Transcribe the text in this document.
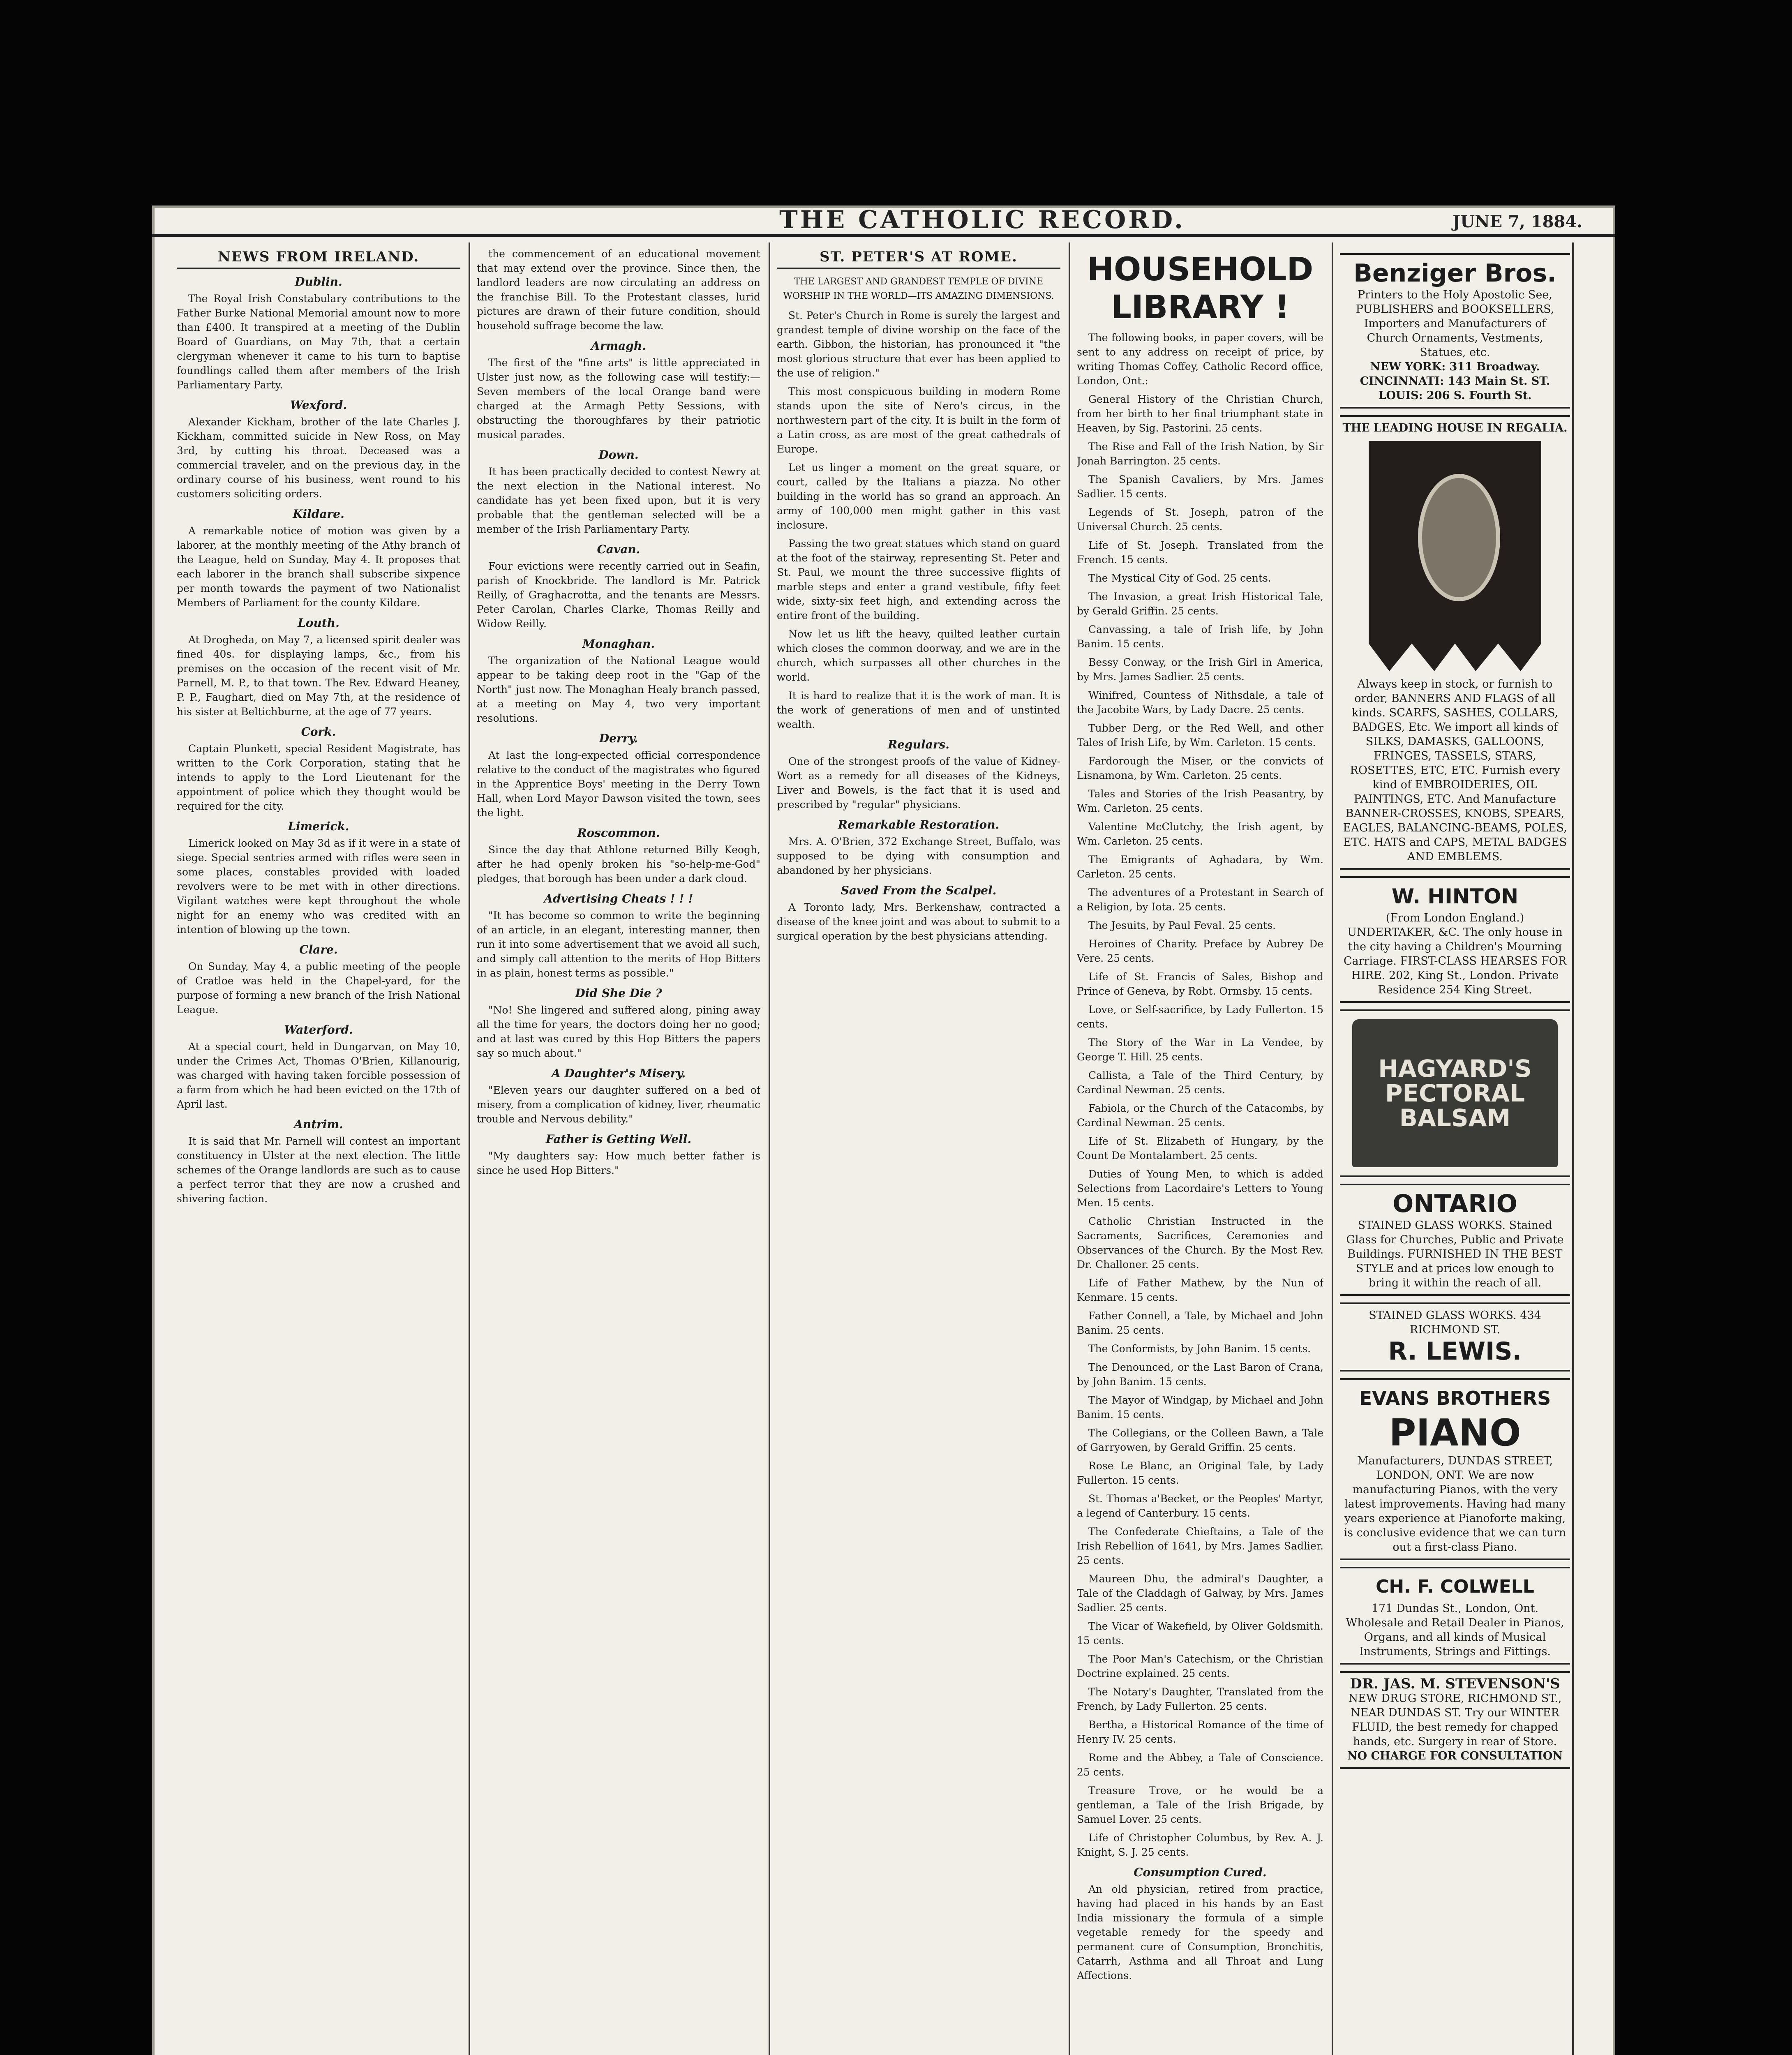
THE CATHOLIC RECORD.	JUNE 7, 1884.
NEWS FROM IRELAND.
Dublin.

The Royal Irish Constabulary contributions to the Father Burke National Memorial amount now to more than £400. It transpired at a meeting of the Dublin Board of Guardians, on May 7th, that a certain clergyman whenever it came to his turn to baptise foundlings called them after members of the Irish Parliamentary Party.

Wexford.

Alexander Kickham, brother of the late Charles J. Kickham, committed suicide in New Ross, on May 3rd, by cutting his throat. Deceased was a commercial traveler, and on the previous day, in the ordinary course of his business, went round to his customers soliciting orders.

Kildare.

A remarkable notice of motion was given by a laborer, at the monthly meeting of the Athy branch of the League, held on Sunday, May 4. It proposes that each laborer in the branch shall subscribe sixpence per month towards the payment of two Nationalist Members of Parliament for the county Kildare.

Louth.

At Drogheda, on May 7, a licensed spirit dealer was fined 40s. for displaying lamps, &c., from his premises on the occasion of the recent visit of Mr. Parnell, M. P., to that town. The Rev. Edward Heaney, P. P., Faughart, died on May 7th, at the residence of his sister at Beltichburne, at the age of 77 years.

Cork.

Captain Plunkett, special Resident Magistrate, has written to the Cork Corporation, stating that he intends to apply to the Lord Lieutenant for the appointment of police which they thought would be required for the city.

Limerick.

Limerick looked on May 3d as if it were in a state of siege. Special sentries armed with rifles were seen in some places, constables provided with loaded revolvers were to be met with in other directions. Vigilant watches were kept throughout the whole night for an enemy who was credited with an intention of blowing up the town.

Clare.

On Sunday, May 4, a public meeting of the people of Cratloe was held in the Chapel-yard, for the purpose of forming a new branch of the Irish National League.

Waterford.

At a special court, held in Dungarvan, on May 10, under the Crimes Act, Thomas O'Brien, Killanourig, was charged with having taken forcible possession of a farm from which he had been evicted on the 17th of April last.

Antrim.

It is said that Mr. Parnell will contest an important constituency in Ulster at the next election. The little schemes of the Orange landlords are such as to cause a perfect terror that they are now a crushed and shivering faction.

the commencement of an educational movement that may extend over the province. Since then, the landlord leaders are now circulating an address on the franchise Bill. To the Protestant classes, lurid pictures are drawn of their future condition, should household suffrage become the law.

Armagh.

The first of the "fine arts" is little appreciated in Ulster just now, as the following case will testify:—Seven members of the local Orange band were charged at the Armagh Petty Sessions, with obstructing the thoroughfares by their patriotic musical parades.

Down.

It has been practically decided to contest Newry at the next election in the National interest. No candidate has yet been fixed upon, but it is very probable that the gentleman selected will be a member of the Irish Parliamentary Party.

Cavan.

Four evictions were recently carried out in Seafin, parish of Knockbride. The landlord is Mr. Patrick Reilly, of Graghacrotta, and the tenants are Messrs. Peter Carolan, Charles Clarke, Thomas Reilly and Widow Reilly.

Monaghan.

The organization of the National League would appear to be taking deep root in the "Gap of the North" just now. The Monaghan Healy branch passed, at a meeting on May 4, two very important resolutions.

Derry.

At last the long-expected official correspondence relative to the conduct of the magistrates who figured in the Apprentice Boys' meeting in the Derry Town Hall, when Lord Mayor Dawson visited the town, sees the light.

Roscommon.

Since the day that Athlone returned Billy Keogh, after he had openly broken his "so-help-me-God" pledges, that borough has been under a dark cloud.

Advertising Cheats ! ! !

"It has become so common to write the beginning of an article, in an elegant, interesting manner, then run it into some advertisement that we avoid all such, and simply call attention to the merits of Hop Bitters in as plain, honest terms as possible."

Did She Die ?

"No! She lingered and suffered along, pining away all the time for years, the doctors doing her no good; and at last was cured by this Hop Bitters the papers say so much about."

A Daughter's Misery.

"Eleven years our daughter suffered on a bed of misery, from a complication of kidney, liver, rheumatic trouble and Nervous debility."

Father is Getting Well.

"My daughters say: How much better father is since he used Hop Bitters."

ST. PETER'S AT ROME.
THE LARGEST AND GRANDEST TEMPLE OF DIVINE WORSHIP IN THE WORLD—ITS AMAZING DIMENSIONS.

St. Peter's Church in Rome is surely the largest and grandest temple of divine worship on the face of the earth. Gibbon, the historian, has pronounced it "the most glorious structure that ever has been applied to the use of religion."

This most conspicuous building in modern Rome stands upon the site of Nero's circus, in the northwestern part of the city. It is built in the form of a Latin cross, as are most of the great cathedrals of Europe.

Let us linger a moment on the great square, or court, called by the Italians a piazza. No other building in the world has so grand an approach. An army of 100,000 men might gather in this vast inclosure.

Passing the two great statues which stand on guard at the foot of the stairway, representing St. Peter and St. Paul, we mount the three successive flights of marble steps and enter a grand vestibule, fifty feet wide, sixty-six feet high, and extending across the entire front of the building.

Now let us lift the heavy, quilted leather curtain which closes the common doorway, and we are in the church, which surpasses all other churches in the world.

It is hard to realize that it is the work of man. It is the work of generations of men and of unstinted wealth.

Regulars.

One of the strongest proofs of the value of Kidney-Wort as a remedy for all diseases of the Kidneys, Liver and Bowels, is the fact that it is used and prescribed by "regular" physicians.

Remarkable Restoration.

Mrs. A. O'Brien, 372 Exchange Street, Buffalo, was supposed to be dying with consumption and abandoned by her physicians.

Saved From the Scalpel.

A Toronto lady, Mrs. Berkenshaw, contracted a disease of the knee joint and was about to submit to a surgical operation by the best physicians attending.

HOUSEHOLD
LIBRARY !

The following books, in paper covers, will be sent to any address on receipt of price, by writing Thomas Coffey, Catholic Record office, London, Ont.:

General History of the Christian Church, from her birth to her final triumphant state in Heaven, by Sig. Pastorini. 25 cents.

The Rise and Fall of the Irish Nation, by Sir Jonah Barrington. 25 cents.

The Spanish Cavaliers, by Mrs. James Sadlier. 15 cents.

Legends of St. Joseph, patron of the Universal Church. 25 cents.

Life of St. Joseph. Translated from the French. 15 cents.

The Mystical City of God. 25 cents.

The Invasion, a great Irish Historical Tale, by Gerald Griffin. 25 cents.

Canvassing, a tale of Irish life, by John Banim. 15 cents.

Bessy Conway, or the Irish Girl in America, by Mrs. James Sadlier. 25 cents.

Winifred, Countess of Nithsdale, a tale of the Jacobite Wars, by Lady Dacre. 25 cents.

Tubber Derg, or the Red Well, and other Tales of Irish Life, by Wm. Carleton. 15 cents.

Fardorough the Miser, or the convicts of Lisnamona, by Wm. Carleton. 25 cents.

Tales and Stories of the Irish Peasantry, by Wm. Carleton. 25 cents.

Valentine McClutchy, the Irish agent, by Wm. Carleton. 25 cents.

The Emigrants of Aghadara, by Wm. Carleton. 25 cents.

The adventures of a Protestant in Search of a Religion, by Iota. 25 cents.

The Jesuits, by Paul Feval. 25 cents.

Heroines of Charity. Preface by Aubrey De Vere. 25 cents.

Life of St. Francis of Sales, Bishop and Prince of Geneva, by Robt. Ormsby. 15 cents.

Love, or Self-sacrifice, by Lady Fullerton. 15 cents.

The Story of the War in La Vendee, by George T. Hill. 25 cents.

Callista, a Tale of the Third Century, by Cardinal Newman. 25 cents.

Fabiola, or the Church of the Catacombs, by Cardinal Newman. 25 cents.

Life of St. Elizabeth of Hungary, by the Count De Montalambert. 25 cents.

Duties of Young Men, to which is added Selections from Lacordaire's Letters to Young Men. 15 cents.

Catholic Christian Instructed in the Sacraments, Sacrifices, Ceremonies and Observances of the Church. By the Most Rev. Dr. Challoner. 25 cents.

Life of Father Mathew, by the Nun of Kenmare. 15 cents.

Father Connell, a Tale, by Michael and John Banim. 25 cents.

The Conformists, by John Banim. 15 cents.

The Denounced, or the Last Baron of Crana, by John Banim. 15 cents.

The Mayor of Windgap, by Michael and John Banim. 15 cents.

The Collegians, or the Colleen Bawn, a Tale of Garryowen, by Gerald Griffin. 25 cents.

Rose Le Blanc, an Original Tale, by Lady Fullerton. 15 cents.

St. Thomas a'Becket, or the Peoples' Martyr, a legend of Canterbury. 15 cents.

The Confederate Chieftains, a Tale of the Irish Rebellion of 1641, by Mrs. James Sadlier. 25 cents.

Maureen Dhu, the admiral's Daughter, a Tale of the Claddagh of Galway, by Mrs. James Sadlier. 25 cents.

The Vicar of Wakefield, by Oliver Goldsmith. 15 cents.

The Poor Man's Catechism, or the Christian Doctrine explained. 25 cents.

The Notary's Daughter, Translated from the French, by Lady Fullerton. 25 cents.

Bertha, a Historical Romance of the time of Henry IV. 25 cents.

Rome and the Abbey, a Tale of Conscience. 25 cents.

Treasure Trove, or he would be a gentleman, a Tale of the Irish Brigade, by Samuel Lover. 25 cents.

Life of Christopher Columbus, by Rev. A. J. Knight, S. J. 25 cents.

Consumption Cured.

An old physician, retired from practice, having had placed in his hands by an East India missionary the formula of a simple vegetable remedy for the speedy and permanent cure of Consumption, Bronchitis, Catarrh, Asthma and all Throat and Lung Affections.

Benziger Bros.
Printers to the Holy Apostolic See, PUBLISHERS and BOOKSELLERS, Importers and Manufacturers of Church Ornaments, Vestments, Statues, etc.
NEW YORK: 311 Broadway. CINCINNATI: 143 Main St. ST. LOUIS: 206 S. Fourth St.
THE LEADING HOUSE IN REGALIA.
Always keep in stock, or furnish to order, BANNERS AND FLAGS of all kinds. SCARFS, SASHES, COLLARS, BADGES, Etc. We import all kinds of SILKS, DAMASKS, GALLOONS, FRINGES, TASSELS, STARS, ROSETTES, ETC, ETC. Furnish every kind of EMBROIDERIES, OIL PAINTINGS, ETC. And Manufacture BANNER-CROSSES, KNOBS, SPEARS, EAGLES, BALANCING-BEAMS, POLES, ETC. HATS and CAPS, METAL BADGES AND EMBLEMS.
W. HINTON
(From London England.) UNDERTAKER, &C. The only house in the city having a Children's Mourning Carriage. FIRST-CLASS HEARSES FOR HIRE. 202, King St., London. Private Residence 254 King Street.
HAGYARD'S
PECTORAL
BALSAM
ONTARIO
STAINED GLASS WORKS. Stained Glass for Churches, Public and Private Buildings. FURNISHED IN THE BEST STYLE and at prices low enough to bring it within the reach of all.
STAINED GLASS WORKS. 434 RICHMOND ST.
R. LEWIS.
EVANS BROTHERS
PIANO
Manufacturers, DUNDAS STREET, LONDON, ONT. We are now manufacturing Pianos, with the very latest improvements. Having had many years experience at Pianoforte making, is conclusive evidence that we can turn out a first-class Piano.
CH. F. COLWELL
171 Dundas St., London, Ont. Wholesale and Retail Dealer in Pianos, Organs, and all kinds of Musical Instruments, Strings and Fittings.
DR. JAS. M. STEVENSON'S
NEW DRUG STORE, RICHMOND ST., NEAR DUNDAS ST. Try our WINTER FLUID, the best remedy for chapped hands, etc. Surgery in rear of Store.
NO CHARGE FOR CONSULTATION
